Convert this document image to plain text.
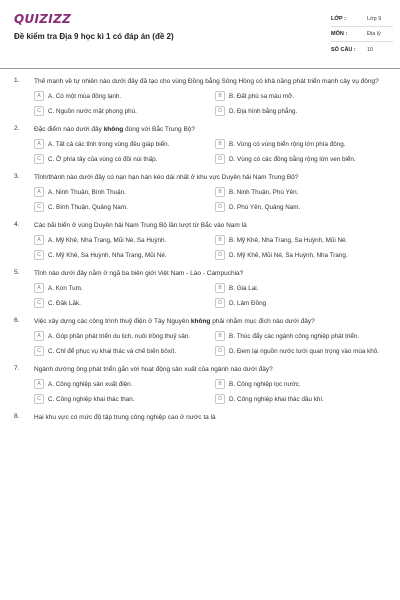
QUIZIZZ
Đề kiểm tra Địa 9 học kì 1 có đáp án (đề 2)
LỚP :	Lớp 9
MÔN :	Địa lý
SỐ CÂU :	10
1. Thế mạnh về tự nhiên nào dưới đây đã tạo cho vùng Đồng bằng Sông Hồng có khả năng phát triển mạnh cây vụ đông?
A	A. Có một mùa đông lạnh.	B	B. Đất phù sa màu mỡ.
C	C. Nguồn nước mặt phong phú.	D	D. Địa hình bằng phẳng.
2. Đặc điểm nào dưới đây không đúng với Bắc Trung Bộ?
A	A. Tất cả các tỉnh trong vùng đều giáp biển.	B	B. Vùng có vùng biển rộng lớn phía đông.
C	C. Ở phía tây của vùng có đồi núi thấp.	D	D. Vùng có các đồng bằng rộng lớn ven biển.
3. Tỉnh/thành nào dưới đây có nạn hạn hán kéo dài nhất ở khu vực Duyên hải Nam Trung Bộ?
A	A. Ninh Thuận, Bình Thuận.	B	B. Ninh Thuận, Phú Yên.
C	C. Bình Thuận, Quảng Nam.	D	D. Phú Yên, Quảng Nam.
4. Các bãi biển ở vùng Duyên hải Nam Trung Bộ lần lượt từ Bắc vào Nam là
A	A. Mỹ Khê, Nha Trang, Mũi Né, Sa Huỳnh.	B	B. Mỹ Khê, Nha Trang, Sa Huỳnh, Mũi Né.
C	C. Mỹ Khê, Sa Huỳnh, Nha Trang, Mũi Né.	D	D. Mỹ Khê, Mũi Né, Sa Huỳnh, Nha Trang.
5. Tỉnh nào dưới đây nằm ở ngã ba biên giới Việt Nam - Lào - Campuchia?
A	A. Kon Tum.	B	B. Gia Lai.
C	C. Đăk Lăk.	D	D. Lâm Đồng
6. Việc xây dựng các công trình thuỷ điện ở Tây Nguyên không phải nhằm mục đích nào dưới đây?
A	A. Góp phần phát triển du lịch, nuôi trồng thuỷ sản.	B	B. Thúc đẩy các ngành công nghiệp phát triển.
C	C. Chỉ để phục vụ khai thác và chế biến bôxít.	D	D. Đem lại nguồn nước tưới quan trọng vào mùa khô.
7. Ngành dường ông phát triển gắn với hoạt động sản xuất của ngành nào dưới đây?
A	A. Công nghiệp sản xuất điện.	B	B. Công nghiệp lọc nước.
C	C. Công nghiệp khai thác than.	D	D. Công nghiệp khai thác dầu khí.
8. Hai khu vực có mức độ tập trung công nghiệp cao ở nước ta là
